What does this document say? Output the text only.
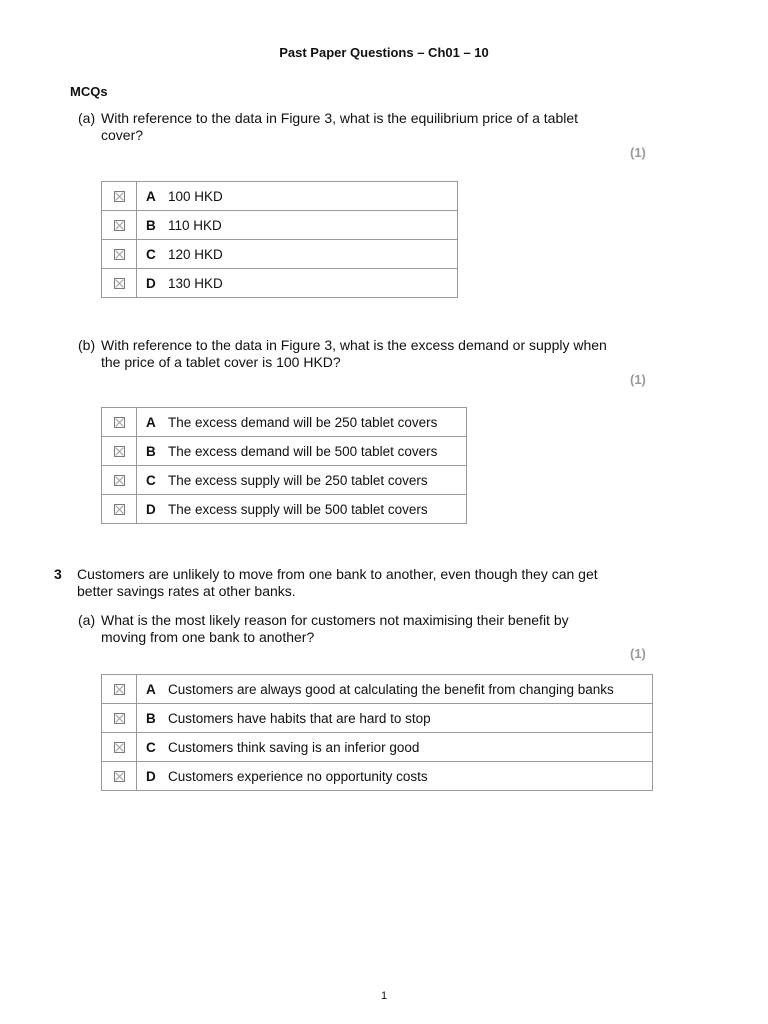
Past Paper Questions – Ch01 – 10
MCQs
(a) With reference to the data in Figure 3, what is the equilibrium price of a tablet
cover?
(1)
	A 100 HKD
	B 110 HKD
	C 120 HKD
	D 130 HKD
(b) With reference to the data in Figure 3, what is the excess demand or supply when
the price of a tablet cover is 100 HKD?
(1)
	A The excess demand will be 250 tablet covers
	B The excess demand will be 500 tablet covers
	C The excess supply will be 250 tablet covers
	D The excess supply will be 500 tablet covers
3 Customers are unlikely to move from one bank to another, even though they can get
better savings rates at other banks.
(a) What is the most likely reason for customers not maximising their benefit by
moving from one bank to another?
(1)
	A Customers are always good at calculating the benefit from changing banks
	B Customers have habits that are hard to stop
	C Customers think saving is an inferior good
	D Customers experience no opportunity costs
1
